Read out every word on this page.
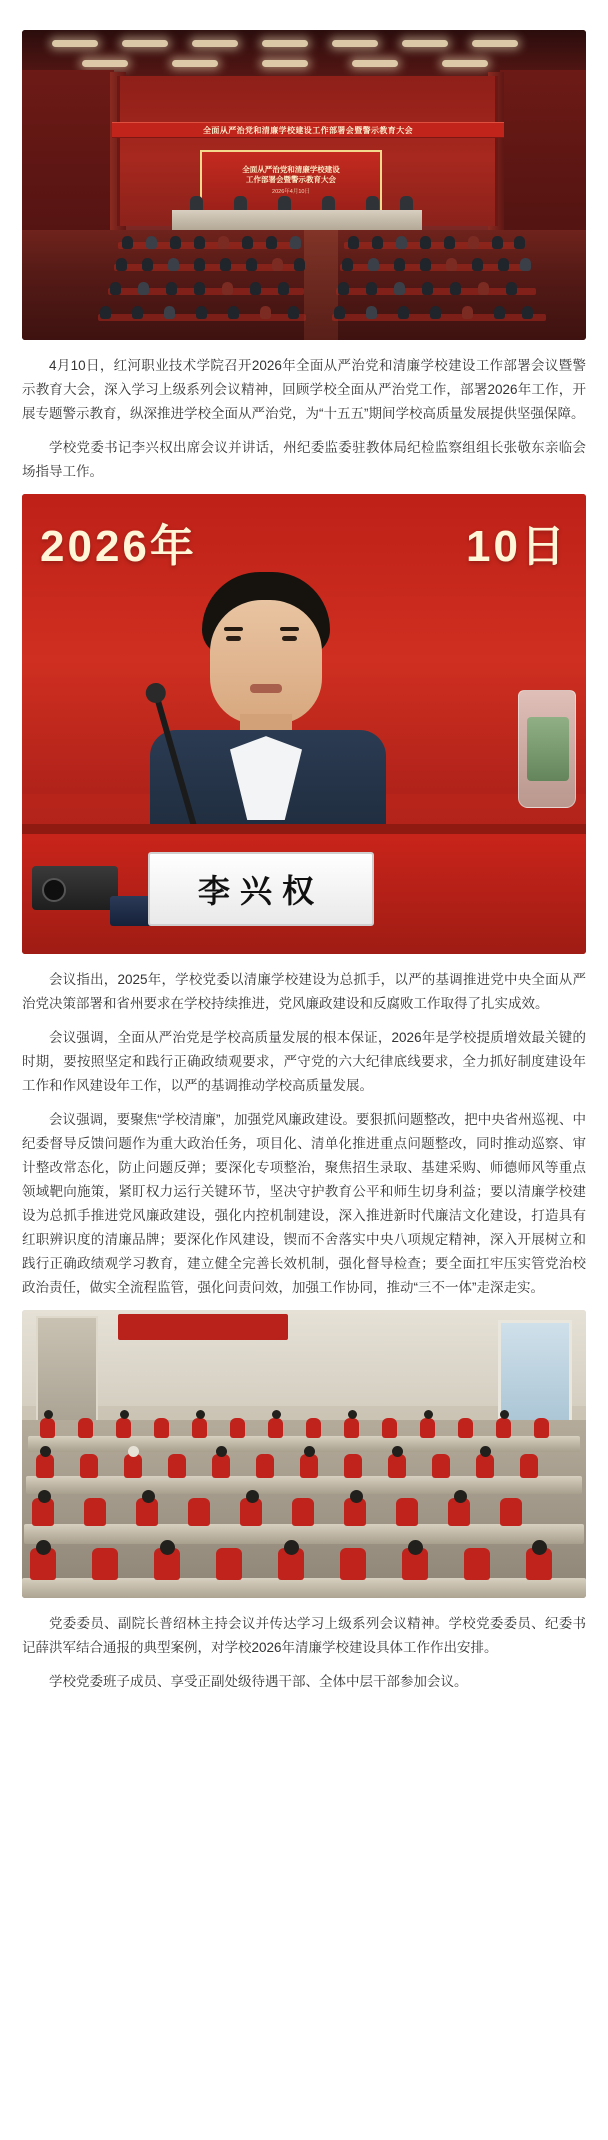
全面从严治党和清廉学校建设工作部署会暨警示教育大会
全面从严治党和清廉学校建设
工作部署会暨警示教育大会
2026年4月10日

4月10日，红河职业技术学院召开2026年全面从严治党和清廉学校建设工作部署会议暨警示教育大会，深入学习上级系列会议精神，回顾学校全面从严治党工作，部署2026年工作，开展专题警示教育，纵深推进学校全面从严治党，为“十五五”期间学校高质量发展提供坚强保障。

学校党委书记李兴权出席会议并讲话，州纪委监委驻教体局纪检监察组组长张敬东亲临会场指导工作。

2026年	10日
李兴权

会议指出，2025年，学校党委以清廉学校建设为总抓手，以严的基调推进党中央全面从严治党决策部署和省州要求在学校持续推进，党风廉政建设和反腐败工作取得了扎实成效。

会议强调，全面从严治党是学校高质量发展的根本保证，2026年是学校提质增效最关键的时期，要按照坚定和践行正确政绩观要求，严守党的六大纪律底线要求，全力抓好制度建设年工作和作风建设年工作，以严的基调推动学校高质量发展。

会议强调，要聚焦“学校清廉”，加强党风廉政建设。要狠抓问题整改，把中央省州巡视、中纪委督导反馈问题作为重大政治任务，项目化、清单化推进重点问题整改，同时推动巡察、审计整改常态化，防止问题反弹；要深化专项整治，聚焦招生录取、基建采购、师德师风等重点领域靶向施策，紧盯权力运行关键环节，坚决守护教育公平和师生切身利益；要以清廉学校建设为总抓手推进党风廉政建设，强化内控机制建设，深入推进新时代廉洁文化建设，打造具有红职辨识度的清廉品牌；要深化作风建设，锲而不舍落实中央八项规定精神，深入开展树立和践行正确政绩观学习教育，建立健全完善长效机制，强化督导检查；要全面扛牢压实管党治校政治责任，做实全流程监管，强化问责问效，加强工作协同，推动“三不一体”走深走实。

党委委员、副院长普绍林主持会议并传达学习上级系列会议精神。学校党委委员、纪委书记薛洪军结合通报的典型案例，对学校2026年清廉学校建设具体工作作出安排。

学校党委班子成员、享受正副处级待遇干部、全体中层干部参加会议。
